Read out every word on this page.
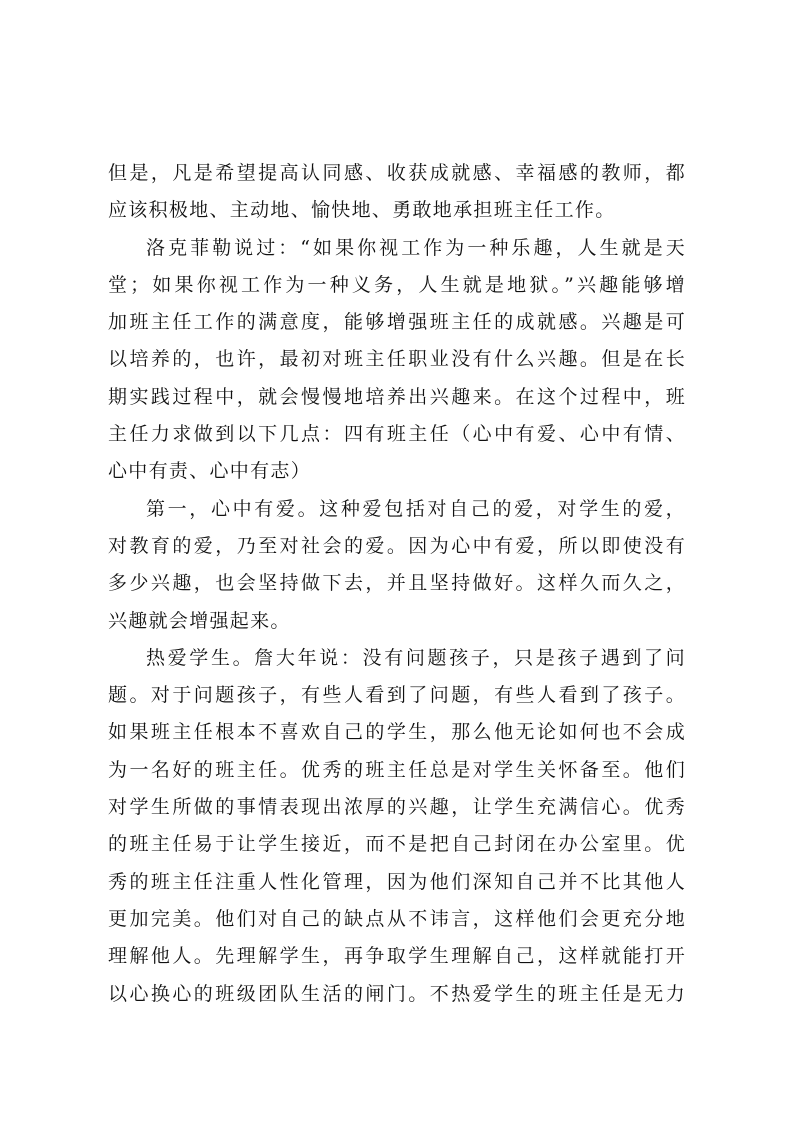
但是，凡是希望提高认同感、收获成就感、幸福感的教师，都
应该积极地、主动地、愉快地、勇敢地承担班主任工作。
洛克菲勒说过：“如果你视工作为一种乐趣，人生就是天
堂；如果你视工作为一种义务，人生就是地狱。”兴趣能够增
加班主任工作的满意度，能够增强班主任的成就感。兴趣是可
以培养的，也许，最初对班主任职业没有什么兴趣。但是在长
期实践过程中，就会慢慢地培养出兴趣来。在这个过程中，班
主任力求做到以下几点：四有班主任（心中有爱、心中有情、
心中有责、心中有志）
第一，心中有爱。这种爱包括对自己的爱，对学生的爱，
对教育的爱，乃至对社会的爱。因为心中有爱，所以即使没有
多少兴趣，也会坚持做下去，并且坚持做好。这样久而久之，
兴趣就会增强起来。
热爱学生。詹大年说：没有问题孩子，只是孩子遇到了问
题。对于问题孩子，有些人看到了问题，有些人看到了孩子。
如果班主任根本不喜欢自己的学生，那么他无论如何也不会成
为一名好的班主任。优秀的班主任总是对学生关怀备至。他们
对学生所做的事情表现出浓厚的兴趣，让学生充满信心。优秀
的班主任易于让学生接近，而不是把自己封闭在办公室里。优
秀的班主任注重人性化管理，因为他们深知自己并不比其他人
更加完美。他们对自己的缺点从不讳言，这样他们会更充分地
理解他人。先理解学生，再争取学生理解自己，这样就能打开
以心换心的班级团队生活的闸门。不热爱学生的班主任是无力
